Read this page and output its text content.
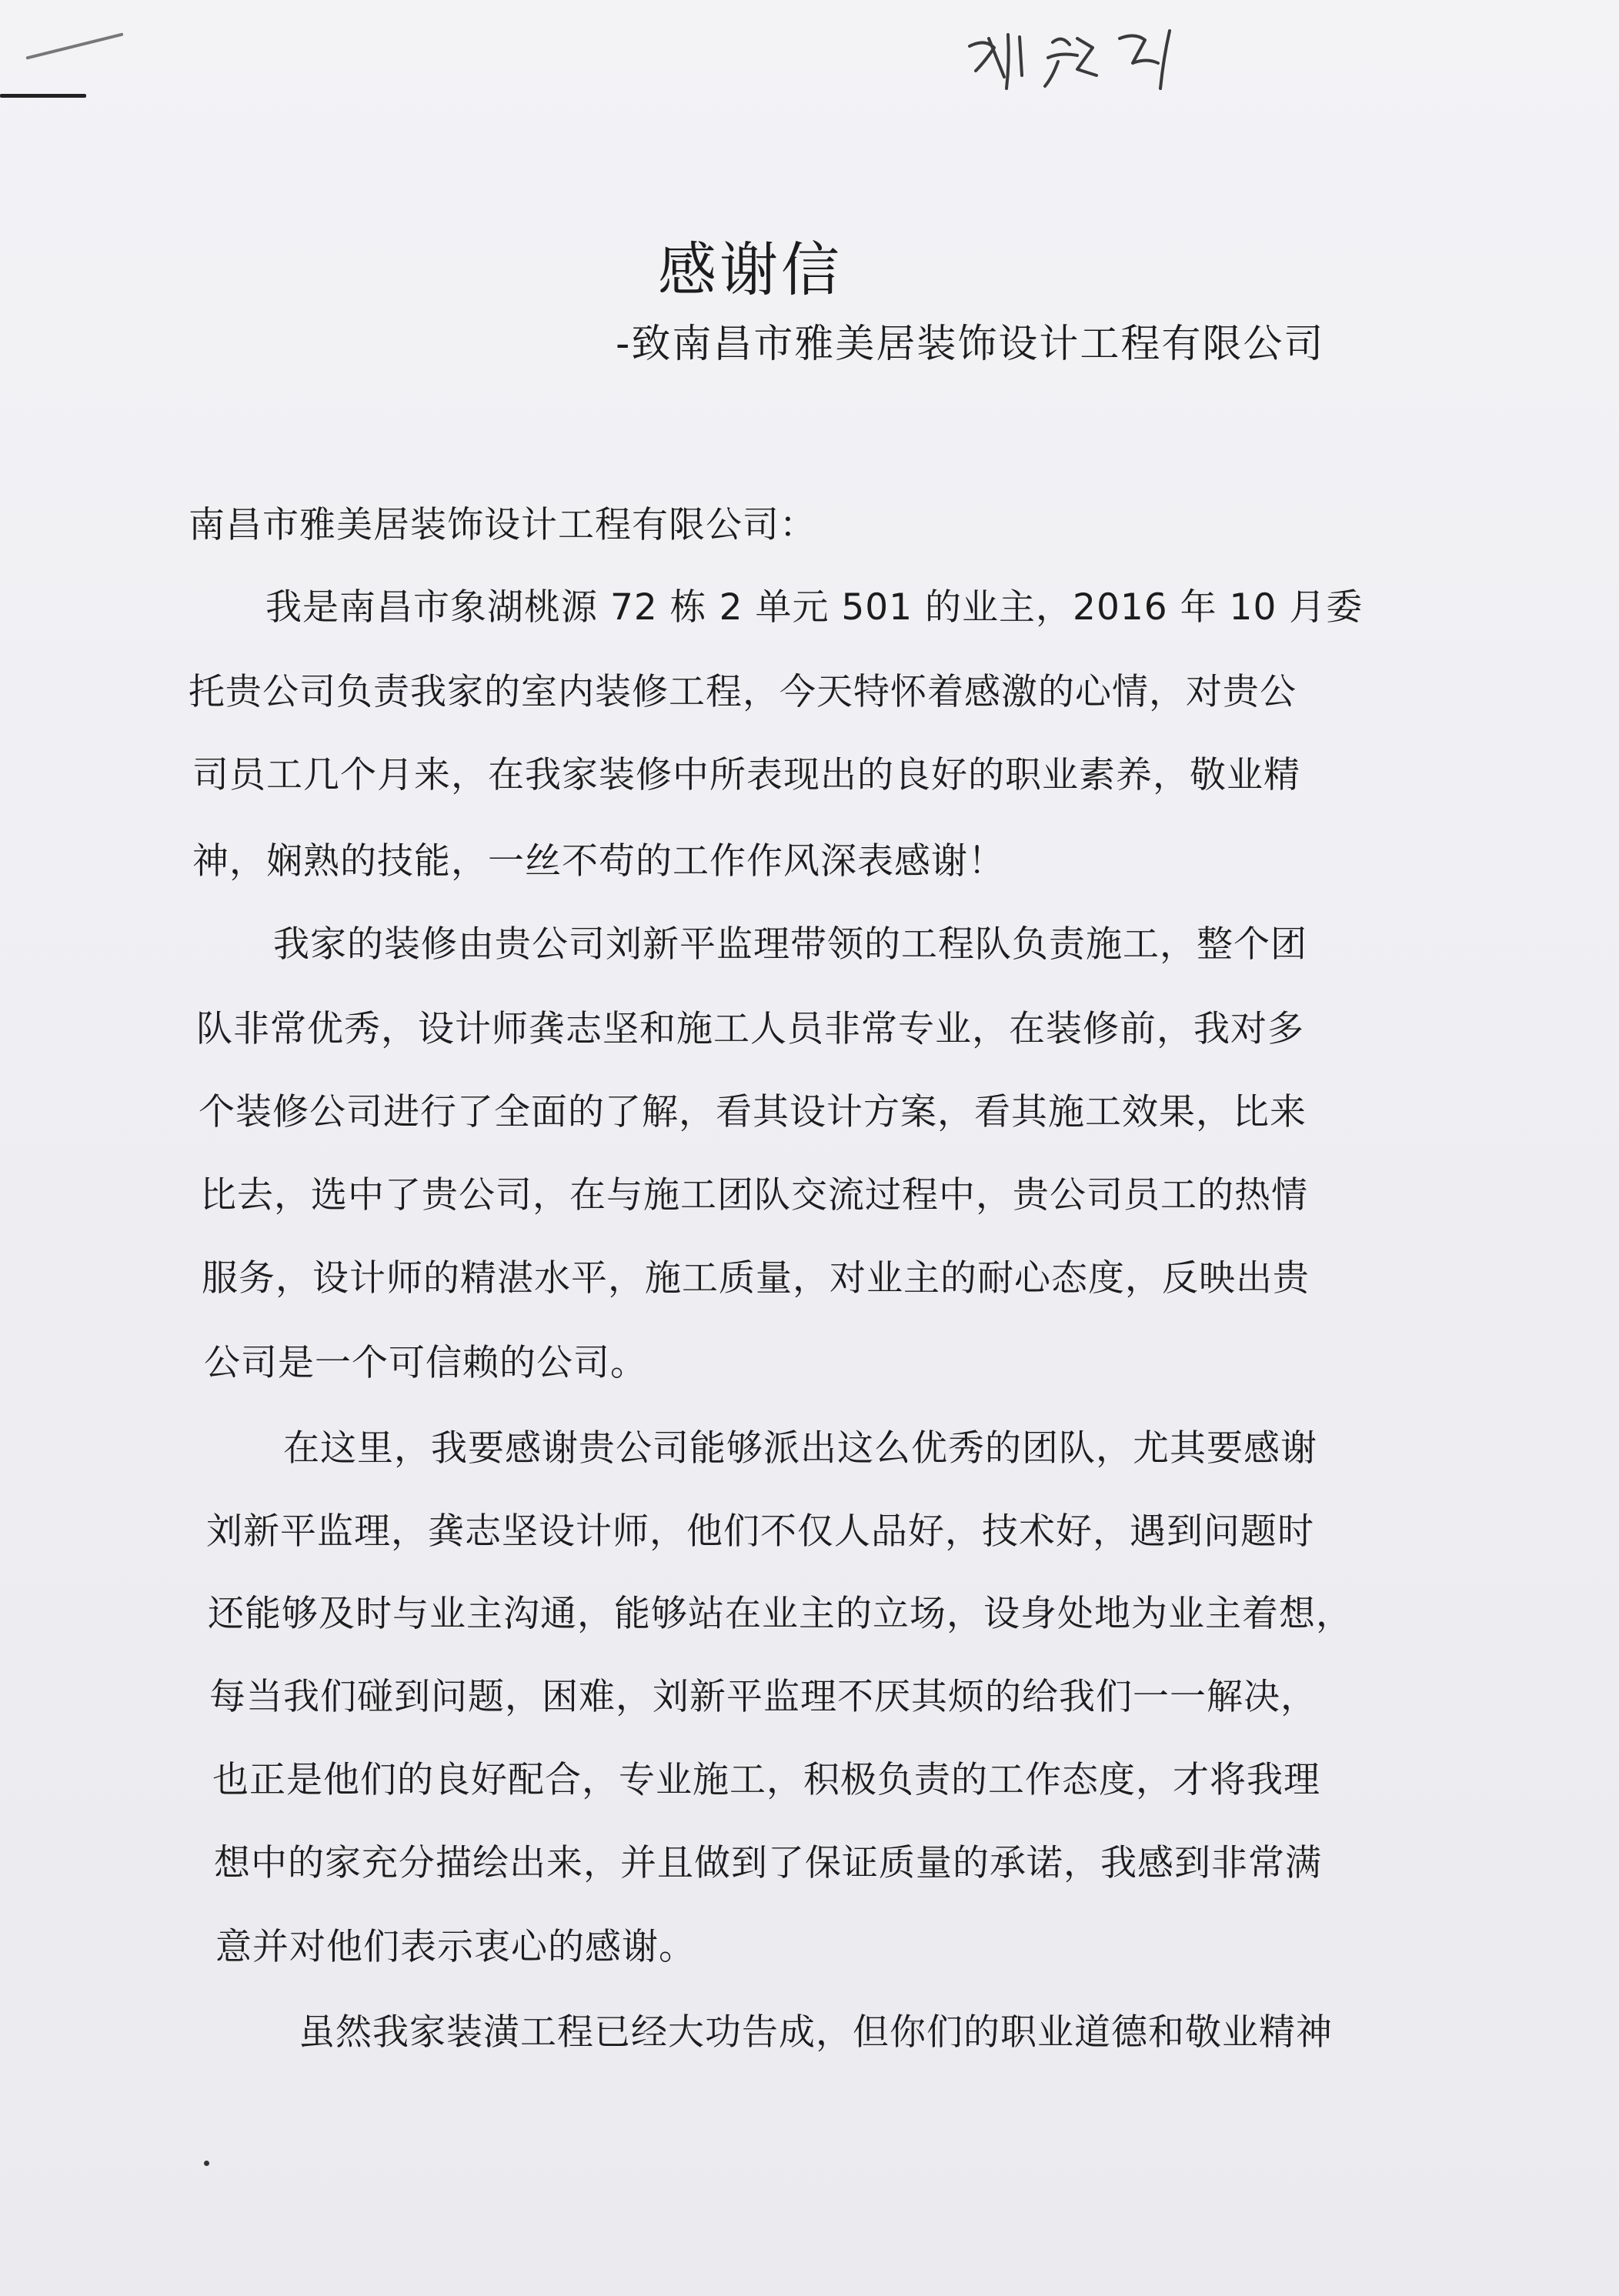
感谢信
-致南昌市雅美居装饰设计工程有限公司
南昌市雅美居装饰设计工程有限公司：
我是南昌市象湖桃源 72 栋 2 单元 501 的业主，2016 年 10 月委
托贵公司负责我家的室内装修工程，今天特怀着感激的心情，对贵公
司员工几个月来，在我家装修中所表现出的良好的职业素养，敬业精
神，娴熟的技能，一丝不苟的工作作风深表感谢！
我家的装修由贵公司刘新平监理带领的工程队负责施工，整个团
队非常优秀，设计师龚志坚和施工人员非常专业，在装修前，我对多
个装修公司进行了全面的了解，看其设计方案，看其施工效果，比来
比去，选中了贵公司，在与施工团队交流过程中，贵公司员工的热情
服务，设计师的精湛水平，施工质量，对业主的耐心态度，反映出贵
公司是一个可信赖的公司。
在这里，我要感谢贵公司能够派出这么优秀的团队，尤其要感谢
刘新平监理，龚志坚设计师，他们不仅人品好，技术好，遇到问题时
还能够及时与业主沟通，能够站在业主的立场，设身处地为业主着想，
每当我们碰到问题，困难，刘新平监理不厌其烦的给我们一一解决，
也正是他们的良好配合，专业施工，积极负责的工作态度，才将我理
想中的家充分描绘出来，并且做到了保证质量的承诺，我感到非常满
意并对他们表示衷心的感谢。
虽然我家装潢工程已经大功告成，但你们的职业道德和敬业精神
